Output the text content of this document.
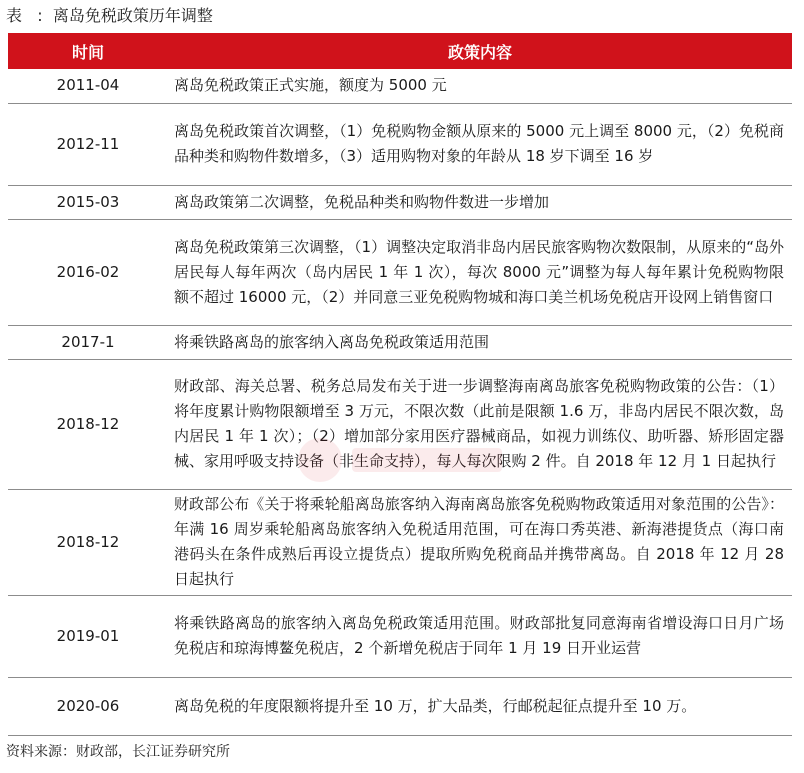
表   :  离岛免税政策历年调整
时间	政策内容
2011-04	离岛免税政策正式实施，额度为 5000 元
2012-11	离岛免税政策首次调整，（1）免税购物金额从原来的 5000 元上调至 8000 元，（2）免税商品种类和购物件数增多，（3）适用购物对象的年龄从 18 岁下调至 16 岁
2015-03	离岛政策第二次调整，免税品种类和购物件数进一步增加
2016-02	离岛免税政策第三次调整，（1）调整决定取消非岛内居民旅客购物次数限制，从原来的“岛外居民每人每年两次（岛内居民 1 年 1 次），每次 8000 元”调整为每人每年累计免税购物限额不超过 16000 元，（2）并同意三亚免税购物城和海口美兰机场免税店开设网上销售窗口
2017-1	将乘铁路离岛的旅客纳入离岛免税政策适用范围
2018-12	财政部、海关总署、税务总局发布关于进一步调整海南离岛旅客免税购物政策的公告：（1）将年度累计购物限额增至 3 万元，不限次数（此前是限额 1.6 万，非岛内居民不限次数，岛内居民 1 年 1 次）；（2）增加部分家用医疗器械商品，如视力训练仪、助听器、矫形固定器械、家用呼吸支持设备（非生命支持），每人每次限购 2 件。自 2018 年 12 月 1 日起执行
2018-12	财政部公布《关于将乘轮船离岛旅客纳入海南离岛旅客免税购物政策适用对象范围的公告》：年满 16 周岁乘轮船离岛旅客纳入免税适用范围，可在海口秀英港、新海港提货点（海口南港码头在条件成熟后再设立提货点）提取所购免税商品并携带离岛。自 2018 年 12 月 28 日起执行
2019-01	将乘铁路离岛的旅客纳入离岛免税政策适用范围。财政部批复同意海南省增设海口日月广场免税店和琼海博鳌免税店，2 个新增免税店于同年 1 月 19 日开业运营
2020-06	离岛免税的年度限额将提升至 10 万，扩大品类，行邮税起征点提升至 10 万。
资料来源：财政部，长江证券研究所
